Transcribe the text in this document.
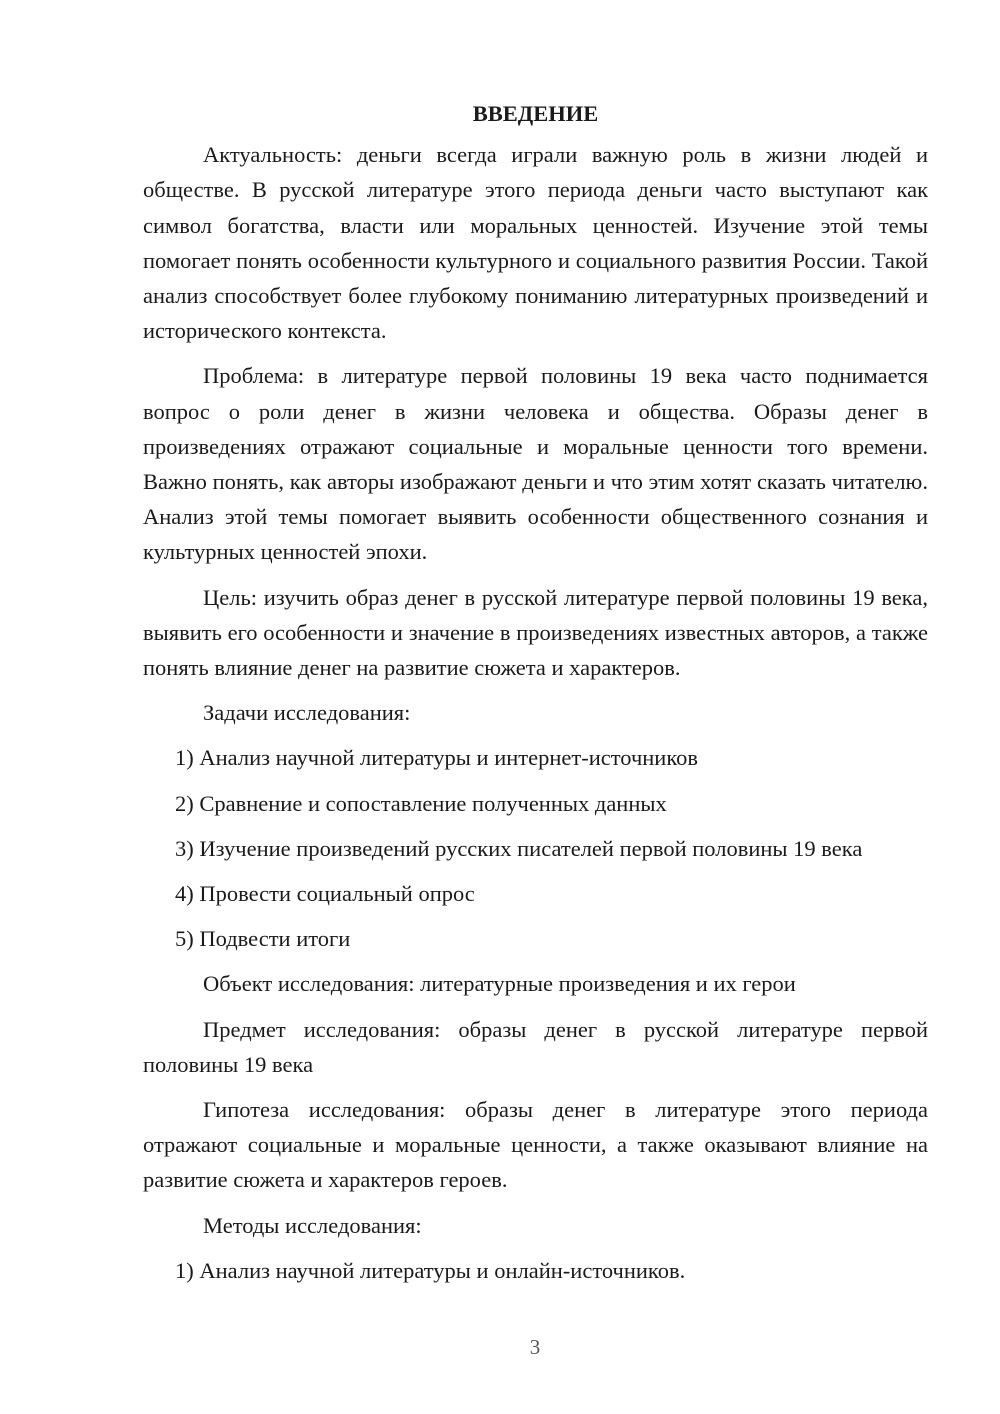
ВВЕДЕНИЕ

Актуальность: деньги всегда играли важную роль в жизни людей и обществе. В русской литературе этого периода деньги часто выступают как символ богатства, власти или моральных ценностей. Изучение этой темы помогает понять особенности культурного и социального развития России. Такой анализ способствует более глубокому пониманию литературных произведений и исторического контекста.

Проблема: в литературе первой половины 19 века часто поднимается вопрос о роли денег в жизни человека и общества. Образы денег в произведениях отражают социальные и моральные ценности того времени. Важно понять, как авторы изображают деньги и что этим хотят сказать читателю. Анализ этой темы помогает выявить особенности общественного сознания и культурных ценностей эпохи.

Цель: изучить образ денег в русской литературе первой половины 19 века, выявить его особенности и значение в произведениях известных авторов, а также понять влияние денег на развитие сюжета и характеров.

Задачи исследования:

1) Анализ научной литературы и интернет-источников
2) Сравнение и сопоставление полученных данных
3) Изучение произведений русских писателей первой половины 19 века
4) Провести социальный опрос
5) Подвести итоги

Объект исследования: литературные произведения и их герои

Предмет исследования: образы денег в русской литературе первой половины 19 века

Гипотеза исследования: образы денег в литературе этого периода отражают социальные и моральные ценности, а также оказывают влияние на развитие сюжета и характеров героев.

Методы исследования:

1) Анализ научной литературы и онлайн-источников.
3
